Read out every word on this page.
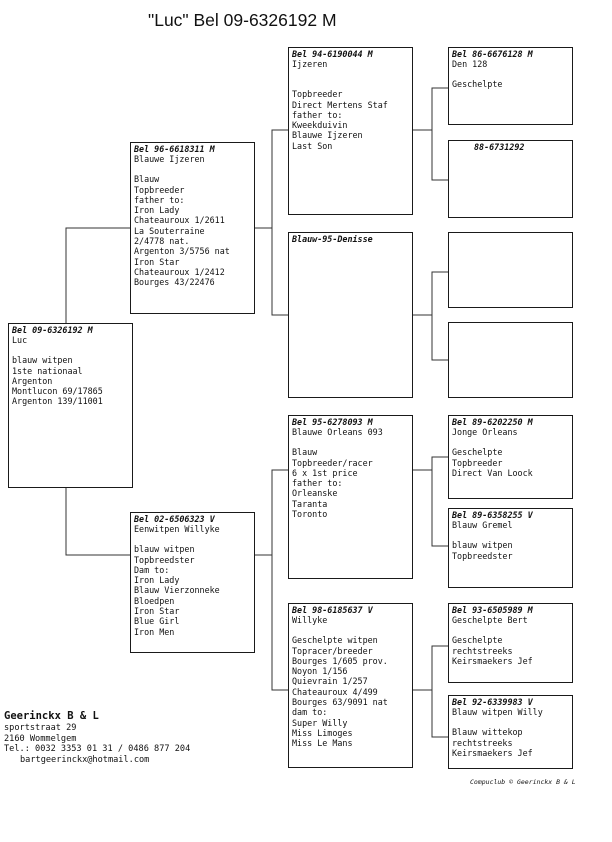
"Luc" Bel 09-6326192 M
Bel 09-6326192 M
Luc

blauw witpen

1ste nationaal

Argenton

Montlucon 69/17865

Argenton 139/11001

Bel 96-6618311 M
Blauwe Ijzeren

Blauw

Topbreeder

father to:

Iron Lady

Chateauroux 1/2611

La Souterraine

2/4778 nat.

Argenton 3/5756 nat

Iron Star

Chateauroux 1/2412

Bourges 43/22476

Bel 02-6506323 V
Eenwitpen Willyke

blauw witpen

Topbreedster

Dam to:

Iron Lady

Blauw Vierzonneke

Bloedpen

Iron Star

Blue Girl

Iron Men

Bel 94-6190044 M
Ijzeren

Topbreeder

Direct Mertens Staf

father to:

Kweekduivin

Blauwe Ijzeren

Last Son

Blauw-95-Denisse
Bel 95-6278093 M
Blauwe Orleans 093

Blauw

Topbreeder/racer

6 x 1st price

father to:

Orleanske

Taranta

Toronto

Bel 98-6185637 V
Willyke

Geschelpte witpen

Topracer/breeder

Bourges 1/605 prov.

Noyon 1/156

Quievrain 1/257

Chateauroux 4/499

Bourges 63/9091 nat

dam to:

Super Willy

Miss Limoges

Miss Le Mans

Bel 86-6676128 M
Den 128

Geschelpte

88-6731292
Bel 89-6202250 M
Jonge Orleans

Geschelpte

Topbreeder

Direct Van Loock

Bel 89-6358255 V
Blauw Gremel

blauw witpen

Topbreedster

Bel 93-6505989 M
Geschelpte Bert

Geschelpte

rechtstreeks

Keirsmaekers Jef

Bel 92-6339983 V
Blauw witpen Willy

Blauw wittekop

rechtstreeks

Keirsmaekers Jef

Geerinckx B & L
sportstraat 29
2160 Wommelgem
Tel.: 0032 3353 01 31 / 0486 877 204
bartgeerinckx@hotmail.com
Compuclub © Geerinckx B & L
